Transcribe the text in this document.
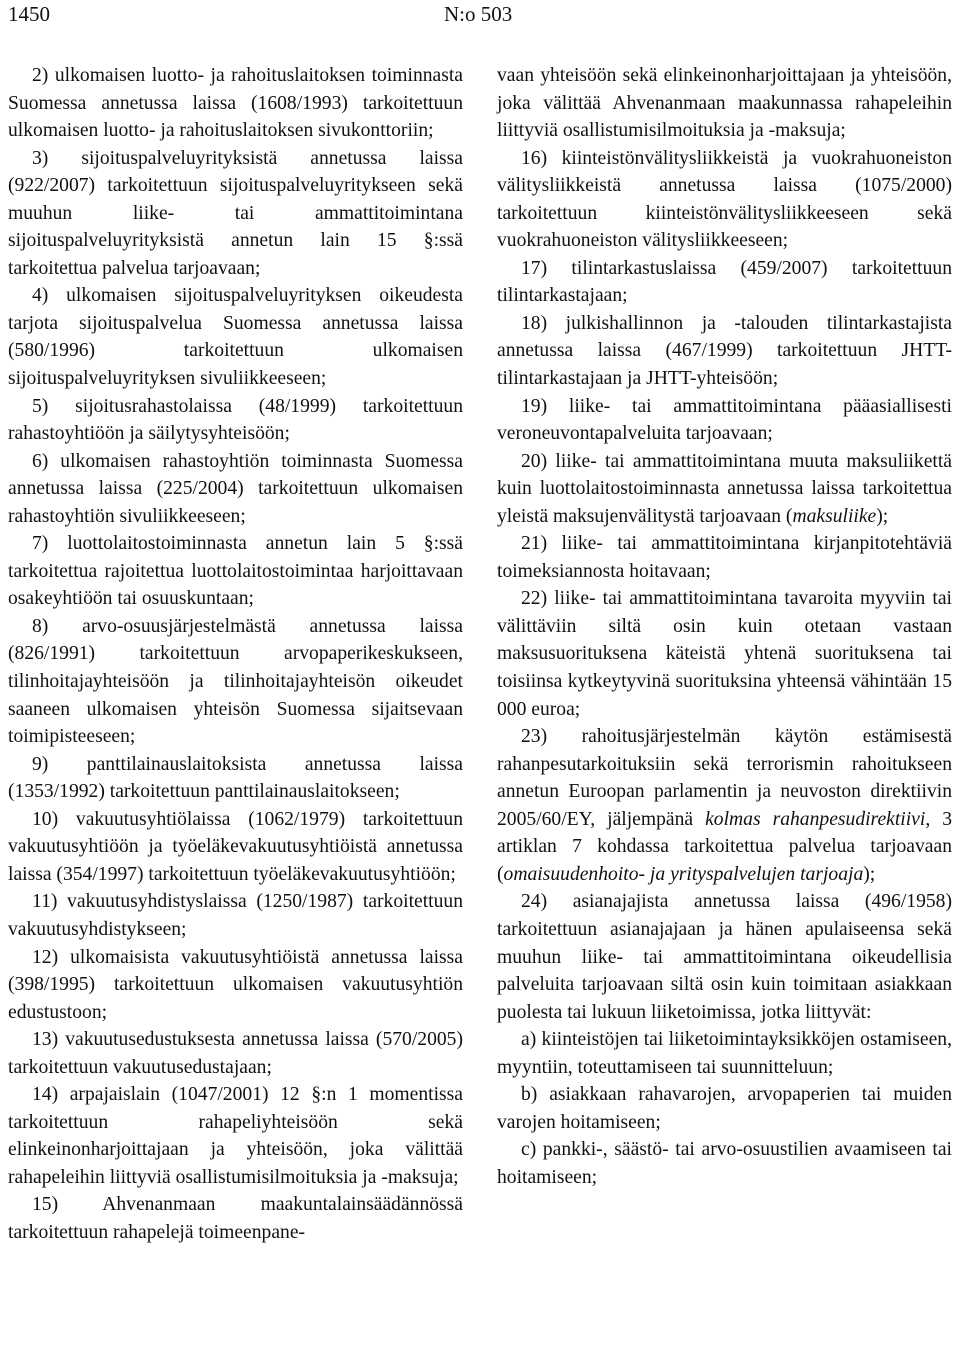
1450	N:o 503

2) ulkomaisen luotto- ja rahoituslaitoksen toiminnasta Suomessa annetussa laissa (1608/1993) tarkoitettuun ulkomaisen luotto- ja rahoituslaitoksen sivukonttoriin;

3) sijoituspalveluyrityksistä annetussa laissa (922/2007) tarkoitettuun sijoituspalveluyritykseen sekä muuhun liike- tai ammattitoimintana sijoituspalveluyrityksistä annetun lain 15 §:ssä tarkoitettua palvelua tarjoavaan;

4) ulkomaisen sijoituspalveluyrityksen oikeudesta tarjota sijoituspalvelua Suomessa annetussa laissa (580/1996) tarkoitettuun ulkomaisen sijoituspalveluyrityksen sivuliikkeeseen;

5) sijoitusrahastolaissa (48/1999) tarkoitettuun rahastoyhtiöön ja säilytysyhteisöön;

6) ulkomaisen rahastoyhtiön toiminnasta Suomessa annetussa laissa (225/2004) tarkoitettuun ulkomaisen rahastoyhtiön sivuliikkeeseen;

7) luottolaitostoiminnasta annetun lain 5 §:ssä tarkoitettua rajoitettua luottolaitostoimintaa harjoittavaan osakeyhtiöön tai osuuskuntaan;

8) arvo-osuusjärjestelmästä annetussa laissa (826/1991) tarkoitettuun arvopaperikeskukseen, tilinhoitajayhteisöön ja tilinhoitajayhteisön oikeudet saaneen ulkomaisen yhteisön Suomessa sijaitsevaan toimipisteeseen;

9) panttilainauslaitoksista annetussa laissa (1353/1992) tarkoitettuun panttilainauslaitokseen;

10) vakuutusyhtiölaissa (1062/1979) tarkoitettuun vakuutusyhtiöön ja työeläkevakuutusyhtiöistä annetussa laissa (354/1997) tarkoitettuun työeläkevakuutusyhtiöön;

11) vakuutusyhdistyslaissa (1250/1987) tarkoitettuun vakuutusyhdistykseen;

12) ulkomaisista vakuutusyhtiöistä annetussa laissa (398/1995) tarkoitettuun ulkomaisen vakuutusyhtiön edustustoon;

13) vakuutusedustuksesta annetussa laissa (570/2005) tarkoitettuun vakuutusedustajaan;

14) arpajaislain (1047/2001) 12 §:n 1 momentissa tarkoitettuun rahapeliyhteisöön sekä elinkeinonharjoittajaan ja yhteisöön, joka välittää rahapeleihin liittyviä osallistumisilmoituksia ja -maksuja;

15) Ahvenanmaan maakuntalainsäädännössä tarkoitettuun rahapelejä toimeenpane-

vaan yhteisöön sekä elinkeinonharjoittajaan ja yhteisöön, joka välittää Ahvenanmaan maakunnassa rahapeleihin liittyviä osallistumisilmoituksia ja -maksuja;

16) kiinteistönvälitysliikkeistä ja vuokrahuoneiston välitysliikkeistä annetussa laissa (1075/2000) tarkoitettuun kiinteistönvälitysliikkeeseen sekä vuokrahuoneiston välitysliikkeeseen;

17) tilintarkastuslaissa (459/2007) tarkoitettuun tilintarkastajaan;

18) julkishallinnon ja -talouden tilintarkastajista annetussa laissa (467/1999) tarkoitettuun JHTT-tilintarkastajaan ja JHTT-yhteisöön;

19) liike- tai ammattitoimintana pääasiallisesti veroneuvontapalveluita tarjoavaan;

20) liike- tai ammattitoimintana muuta maksuliikettä kuin luottolaitostoiminnasta annetussa laissa tarkoitettua yleistä maksujenvälitystä tarjoavaan (maksuliike);

21) liike- tai ammattitoimintana kirjanpitotehtäviä toimeksiannosta hoitavaan;

22) liike- tai ammattitoimintana tavaroita myyviin tai välittäviin siltä osin kuin otetaan vastaan maksusuorituksena käteistä yhtenä suorituksena tai toisiinsa kytkeytyvinä suorituksina yhteensä vähintään 15 000 euroa;

23) rahoitusjärjestelmän käytön estämisestä rahanpesutarkoituksiin sekä terrorismin rahoitukseen annetun Euroopan parlamentin ja neuvoston direktiivin 2005/60/EY, jäljempänä kolmas rahanpesudirektiivi, 3 artiklan 7 kohdassa tarkoitettua palvelua tarjoavaan (omaisuudenhoito- ja yrityspalvelujen tarjoaja);

24) asianajajista annetussa laissa (496/1958) tarkoitettuun asianajajaan ja hänen apulaiseensa sekä muuhun liike- tai ammattitoimintana oikeudellisia palveluita tarjoavaan siltä osin kuin toimitaan asiakkaan puolesta tai lukuun liiketoimissa, jotka liittyvät:

a) kiinteistöjen tai liiketoimintayksikköjen ostamiseen, myyntiin, toteuttamiseen tai suunnitteluun;

b) asiakkaan rahavarojen, arvopaperien tai muiden varojen hoitamiseen;

c) pankki-, säästö- tai arvo-osuustilien avaamiseen tai hoitamiseen;
